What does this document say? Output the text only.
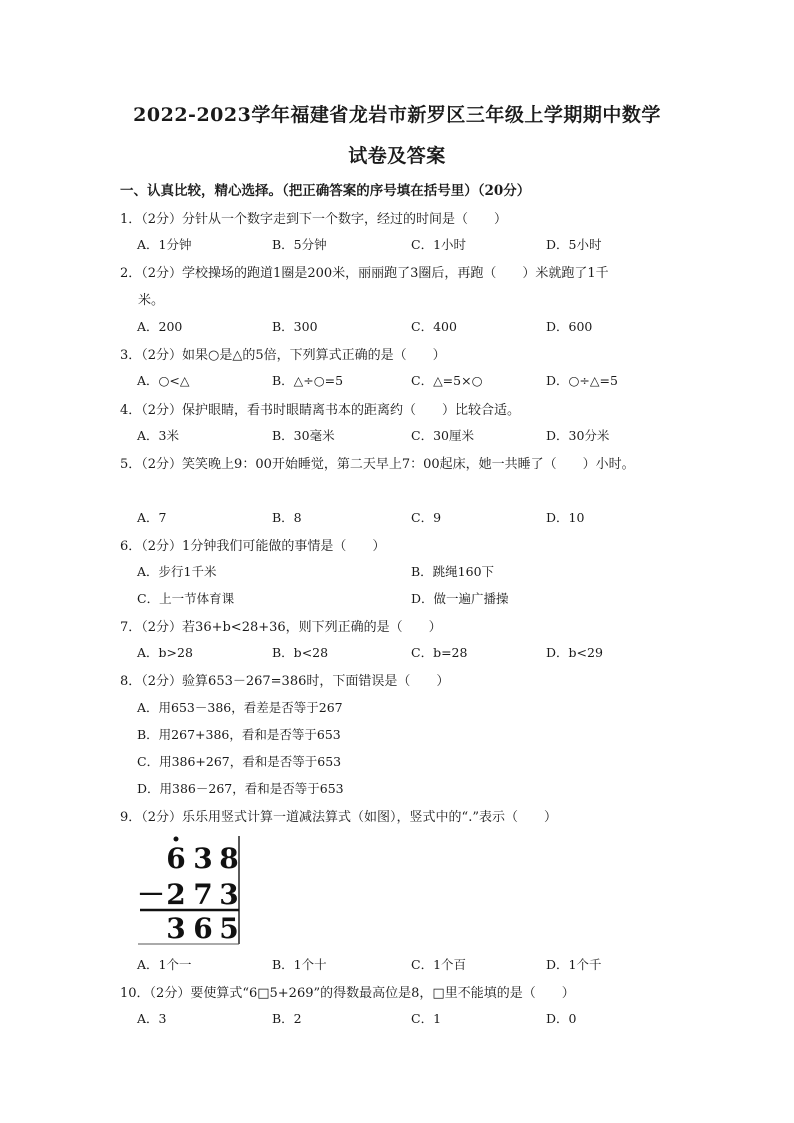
2022-2023学年福建省龙岩市新罗区三年级上学期期中数学
试卷及答案
一、认真比较，精心选择。（把正确答案的序号填在括号里）（20分）
1．（2分）分针从一个数字走到下一个数字，经过的时间是（　　）
A．1分钟	B．5分钟	C．1小时	D．5小时
2．（2分）学校操场的跑道1圈是200米，丽丽跑了3圈后，再跑（　　）米就跑了1千
米。
A．200	B．300	C．400	D．600
3．（2分）如果○是△的5倍，下列算式正确的是（　　）
A．○<△	B．△÷○=5	C．△=5×○	D．○÷△=5
4．（2分）保护眼睛，看书时眼睛离书本的距离约（　　）比较合适。
A．3米	B．30毫米	C．30厘米	D．30分米
5．（2分）笑笑晚上9：00开始睡觉，第二天早上7：00起床，她一共睡了（　　）小时。
A．7	B．8	C．9	D．10
6．（2分）1分钟我们可能做的事情是（　　）
A．步行1千米	B．跳绳160下
C．上一节体育课	D．做一遍广播操
7．（2分）若36+b<28+36，则下列正确的是（　　）
A．b>28	B．b<28	C．b=28	D．b<29
8．（2分）验算653－267=386时，下面错误是（　　）
A．用653－386，看差是否等于267
B．用267+386，看和是否等于653
C．用386+267，看和是否等于653
D．用386－267，看和是否等于653
9．（2分）乐乐用竖式计算一道减法算式（如图），竖式中的“.”表示（　　）
6 3 8
－ 2 7 3
3 6 5
A．1个一	B．1个十	C．1个百	D．1个千
10．（2分）要使算式“6□5+269”的得数最高位是8，□里不能填的是（　　）
A．3	B．2	C．1	D．0
